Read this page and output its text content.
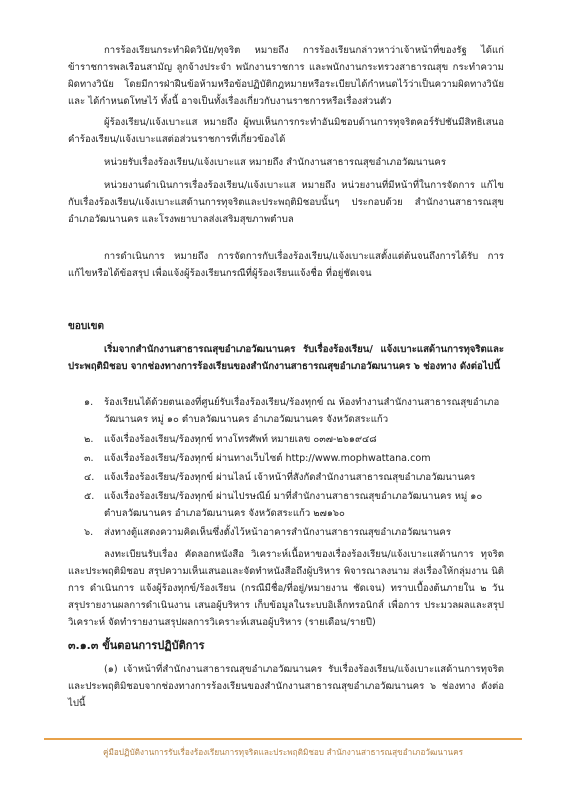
การร้องเรียนกระทำผิดวินัย/ทุจริต หมายถึง การร้องเรียนกล่าวหาว่าเจ้าหน้าที่ของรัฐ ได้แก่ ข้าราชการพลเรือนสามัญ ลูกจ้างประจำ พนักงานราชการ และพนักงานกระทรวงสาธารณสุข กระทำความผิดทางวินัย โดยมีการฝ่าฝืนข้อห้ามหรือข้อปฏิบัติกฎหมายหรือระเบียบได้กำหนดไว้ว่าเป็นความผิดทางวินัย และ ได้กำหนดโทษไว้ ทั้งนี้ อาจเป็นทั้งเรื่องเกี่ยวกับงานราชการหรือเรื่องส่วนตัว

ผู้ร้องเรียน/แจ้งเบาะแส หมายถึง ผู้พบเห็นการกระทำอันมิชอบด้านการทุจริตคอร์รัปชันมีสิทธิเสนอคำร้องเรียน/แจ้งเบาะแสต่อส่วนราชการที่เกี่ยวข้องได้

หน่วยรับเรื่องร้องเรียน/แจ้งเบาะแส หมายถึง สำนักงานสาธารณสุขอำเภอวัฒนานคร

หน่วยงานดำเนินการเรื่องร้องเรียน/แจ้งเบาะแส หมายถึง หน่วยงานที่มีหน้าที่ในการจัดการ แก้ไขกับเรื่องร้องเรียน/แจ้งเบาะแสด้านการทุจริตและประพฤติมิชอบนั้นๆ ประกอบด้วย สำนักงานสาธารณสุขอำเภอวัฒนานคร และโรงพยาบาลส่งเสริมสุขภาพตำบล

การดำเนินการ หมายถึง การจัดการกับเรื่องร้องเรียน/แจ้งเบาะแสตั้งแต่ต้นจนถึงการได้รับ การ แก้ไขหรือได้ข้อสรุป เพื่อแจ้งผู้ร้องเรียนกรณีที่ผู้ร้องเรียนแจ้งชื่อ ที่อยู่ชัดเจน

ขอบเขต

เริ่มจากสำนักงานสาธารณสุขอำเภอวัฒนานคร รับเรื่องร้องเรียน/ แจ้งเบาะแสด้านการทุจริตและประพฤติมิชอบ จากช่องทางการร้องเรียนของสำนักงานสาธารณสุขอำเภอวัฒนานคร ๖ ช่องทาง ดังต่อไปนี้

๑. ร้องเรียนได้ด้วยตนเองที่ศูนย์รับเรื่องร้องเรียน/ร้องทุกข์ ณ ห้องทำงานสำนักงานสาธารณสุขอำเภอวัฒนานคร หมู่ ๑๐ ตำบลวัฒนานคร อำเภอวัฒนานคร จังหวัดสระแก้ว
๒. แจ้งเรื่องร้องเรียน/ร้องทุกข์ ทางโทรศัพท์ หมายเลข ๐๓๗-๒๖๑๙๔๘
๓. แจ้งเรื่องร้องเรียน/ร้องทุกข์ ผ่านทางเว็บไซต์ http://www.mophwattana.com
๔. แจ้งเรื่องร้องเรียน/ร้องทุกข์ ผ่านไลน์ เจ้าหน้าที่สังกัดสำนักงานสาธารณสุขอำเภอวัฒนานคร
๕. แจ้งเรื่องร้องเรียน/ร้องทุกข์ ผ่านไปรษณีย์ มาที่สำนักงานสาธารณสุขอำเภอวัฒนานคร หมู่ ๑๐ ตำบลวัฒนานคร อำเภอวัฒนานคร จังหวัดสระแก้ว ๒๗๑๖๐
๖. ส่งทางตู้แสดงความคิดเห็นซึ่งตั้งไว้หน้าอาคารสำนักงานสาธารณสุขอำเภอวัฒนานคร

ลงทะเบียนรับเรื่อง คัดลอกหนังสือ วิเคราะห์เนื้อหาของเรื่องร้องเรียน/แจ้งเบาะแสด้านการ ทุจริตและประพฤติมิชอบ สรุปความเห็นเสนอและจัดทำหนังสือถึงผู้บริหาร พิจารณาลงนาม ส่งเรื่องให้กลุ่มงาน นิติการ ดำเนินการ แจ้งผู้ร้องทุกข์/ร้องเรียน (กรณีมีชื่อ/ที่อยู่/หมายงาน ชัดเจน) ทราบเบื้องต้นภายใน ๒ วัน สรุปรายงานผลการดำเนินงาน เสนอผู้บริหาร เก็บข้อมูลในระบบอิเล็กทรอนิกส์ เพื่อการ ประมวลผลและสรุปวิเคราะห์ จัดทำรายงานสรุปผลการวิเคราะห์เสนอผู้บริหาร (รายเดือน/รายปี)

๓.๑.๓ ขั้นตอนการปฏิบัติการ

(๑) เจ้าหน้าที่สำนักงานสาธารณสุขอำเภอวัฒนานคร รับเรื่องร้องเรียน/แจ้งเบาะแสด้านการทุจริตและประพฤติมิชอบจากช่องทางการร้องเรียนของสำนักงานสาธารณสุขอำเภอวัฒนานคร ๖ ช่องทาง ดังต่อไปนี้

คู่มือปฏิบัติงานการรับเรื่องร้องเรียนการทุจริตและประพฤติมิชอบ สำนักงานสาธารณสุขอำเภอวัฒนานคร
